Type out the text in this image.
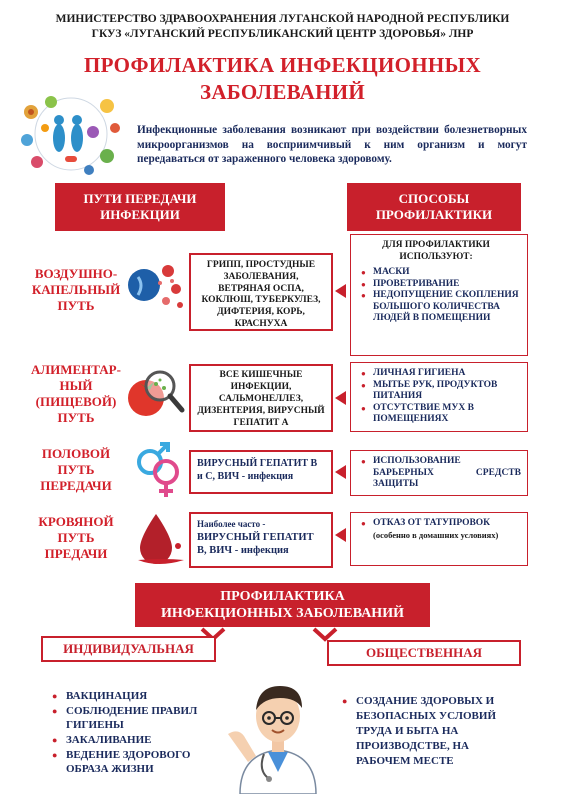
МИНИСТЕРСТВО ЗДРАВООХРАНЕНИЯ ЛУГАНСКОЙ НАРОДНОЙ РЕСПУБЛИКИ
ГКУЗ «ЛУГАНСКИЙ РЕСПУБЛИКАНСКИЙ ЦЕНТР ЗДОРОВЬЯ» ЛНР
ПРОФИЛАКТИКА ИНФЕКЦИОННЫХ
ЗАБОЛЕВАНИЙ
Инфекционные заболевания возникают при воздействии болезнетворных микроорганизмов на восприимчивый к ним организм и могут передаваться от зараженного человека здоровому.
ПУТИ ПЕРЕДАЧИ ИНФЕКЦИИ
СПОСОБЫ ПРОФИЛАКТИКИ
ВОЗДУШНО-КАПЕЛЬНЫЙ ПУТЬ
ГРИПП, ПРОСТУДНЫЕ ЗАБОЛЕВАНИЯ, ВЕТРЯНАЯ ОСПА, КОКЛЮШ, ТУБЕРКУЛЕЗ, ДИФТЕРИЯ, КОРЬ, КРАСНУХА
ДЛЯ ПРОФИЛАКТИКИ ИСПОЛЬЗУЮТ:
● МАСКИ
● ПРОВЕТРИВАНИЕ
● НЕДОПУЩЕНИЕ СКОПЛЕНИЯ БОЛЬШОГО КОЛИЧЕСТВА ЛЮДЕЙ В ПОМЕЩЕНИИ
АЛИМЕНТАР-НЫЙ (ПИЩЕВОЙ) ПУТЬ
ВСЕ КИШЕЧНЫЕ ИНФЕКЦИИ, САЛЬМОНЕЛЛЕЗ, ДИЗЕНТЕРИЯ, ВИРУСНЫЙ ГЕПАТИТ А
● ЛИЧНАЯ ГИГИЕНА
● МЫТЬЕ РУК, ПРОДУКТОВ ПИТАНИЯ
● ОТСУТСТВИЕ МУХ В ПОМЕЩЕНИЯХ
ПОЛОВОЙ ПУТЬ ПЕРЕДАЧИ
ВИРУСНЫЙ ГЕПАТИТ В и С, ВИЧ - инфекция
● ИСПОЛЬЗОВАНИЕ БАРЬЕРНЫХ СРЕДСТВ ЗАЩИТЫ
КРОВЯНОЙ ПУТЬ ПРЕДАЧИ
Наиболее часто - ВИРУСНЫЙ ГЕПАТИТ В, ВИЧ - инфекция
● ОТКАЗ ОТ ТАТУПРОВОК
(особенно в домашних условиях)
ПРОФИЛАКТИКА
ИНФЕКЦИОННЫХ ЗАБОЛЕВАНИЙ
ИНДИВИДУАЛЬНАЯ	ОБЩЕСТВЕННАЯ
● ВАКЦИНАЦИЯ
● СОБЛЮДЕНИЕ ПРАВИЛ ГИГИЕНЫ
● ЗАКАЛИВАНИЕ
● ВЕДЕНИЕ ЗДОРОВОГО ОБРАЗА ЖИЗНИ
● СОЗДАНИЕ ЗДОРОВЫХ И БЕЗОПАСНЫХ УСЛОВИЙ ТРУДА И БЫТА НА ПРОИЗВОДСТВЕ, НА РАБОЧЕМ МЕСТЕ
